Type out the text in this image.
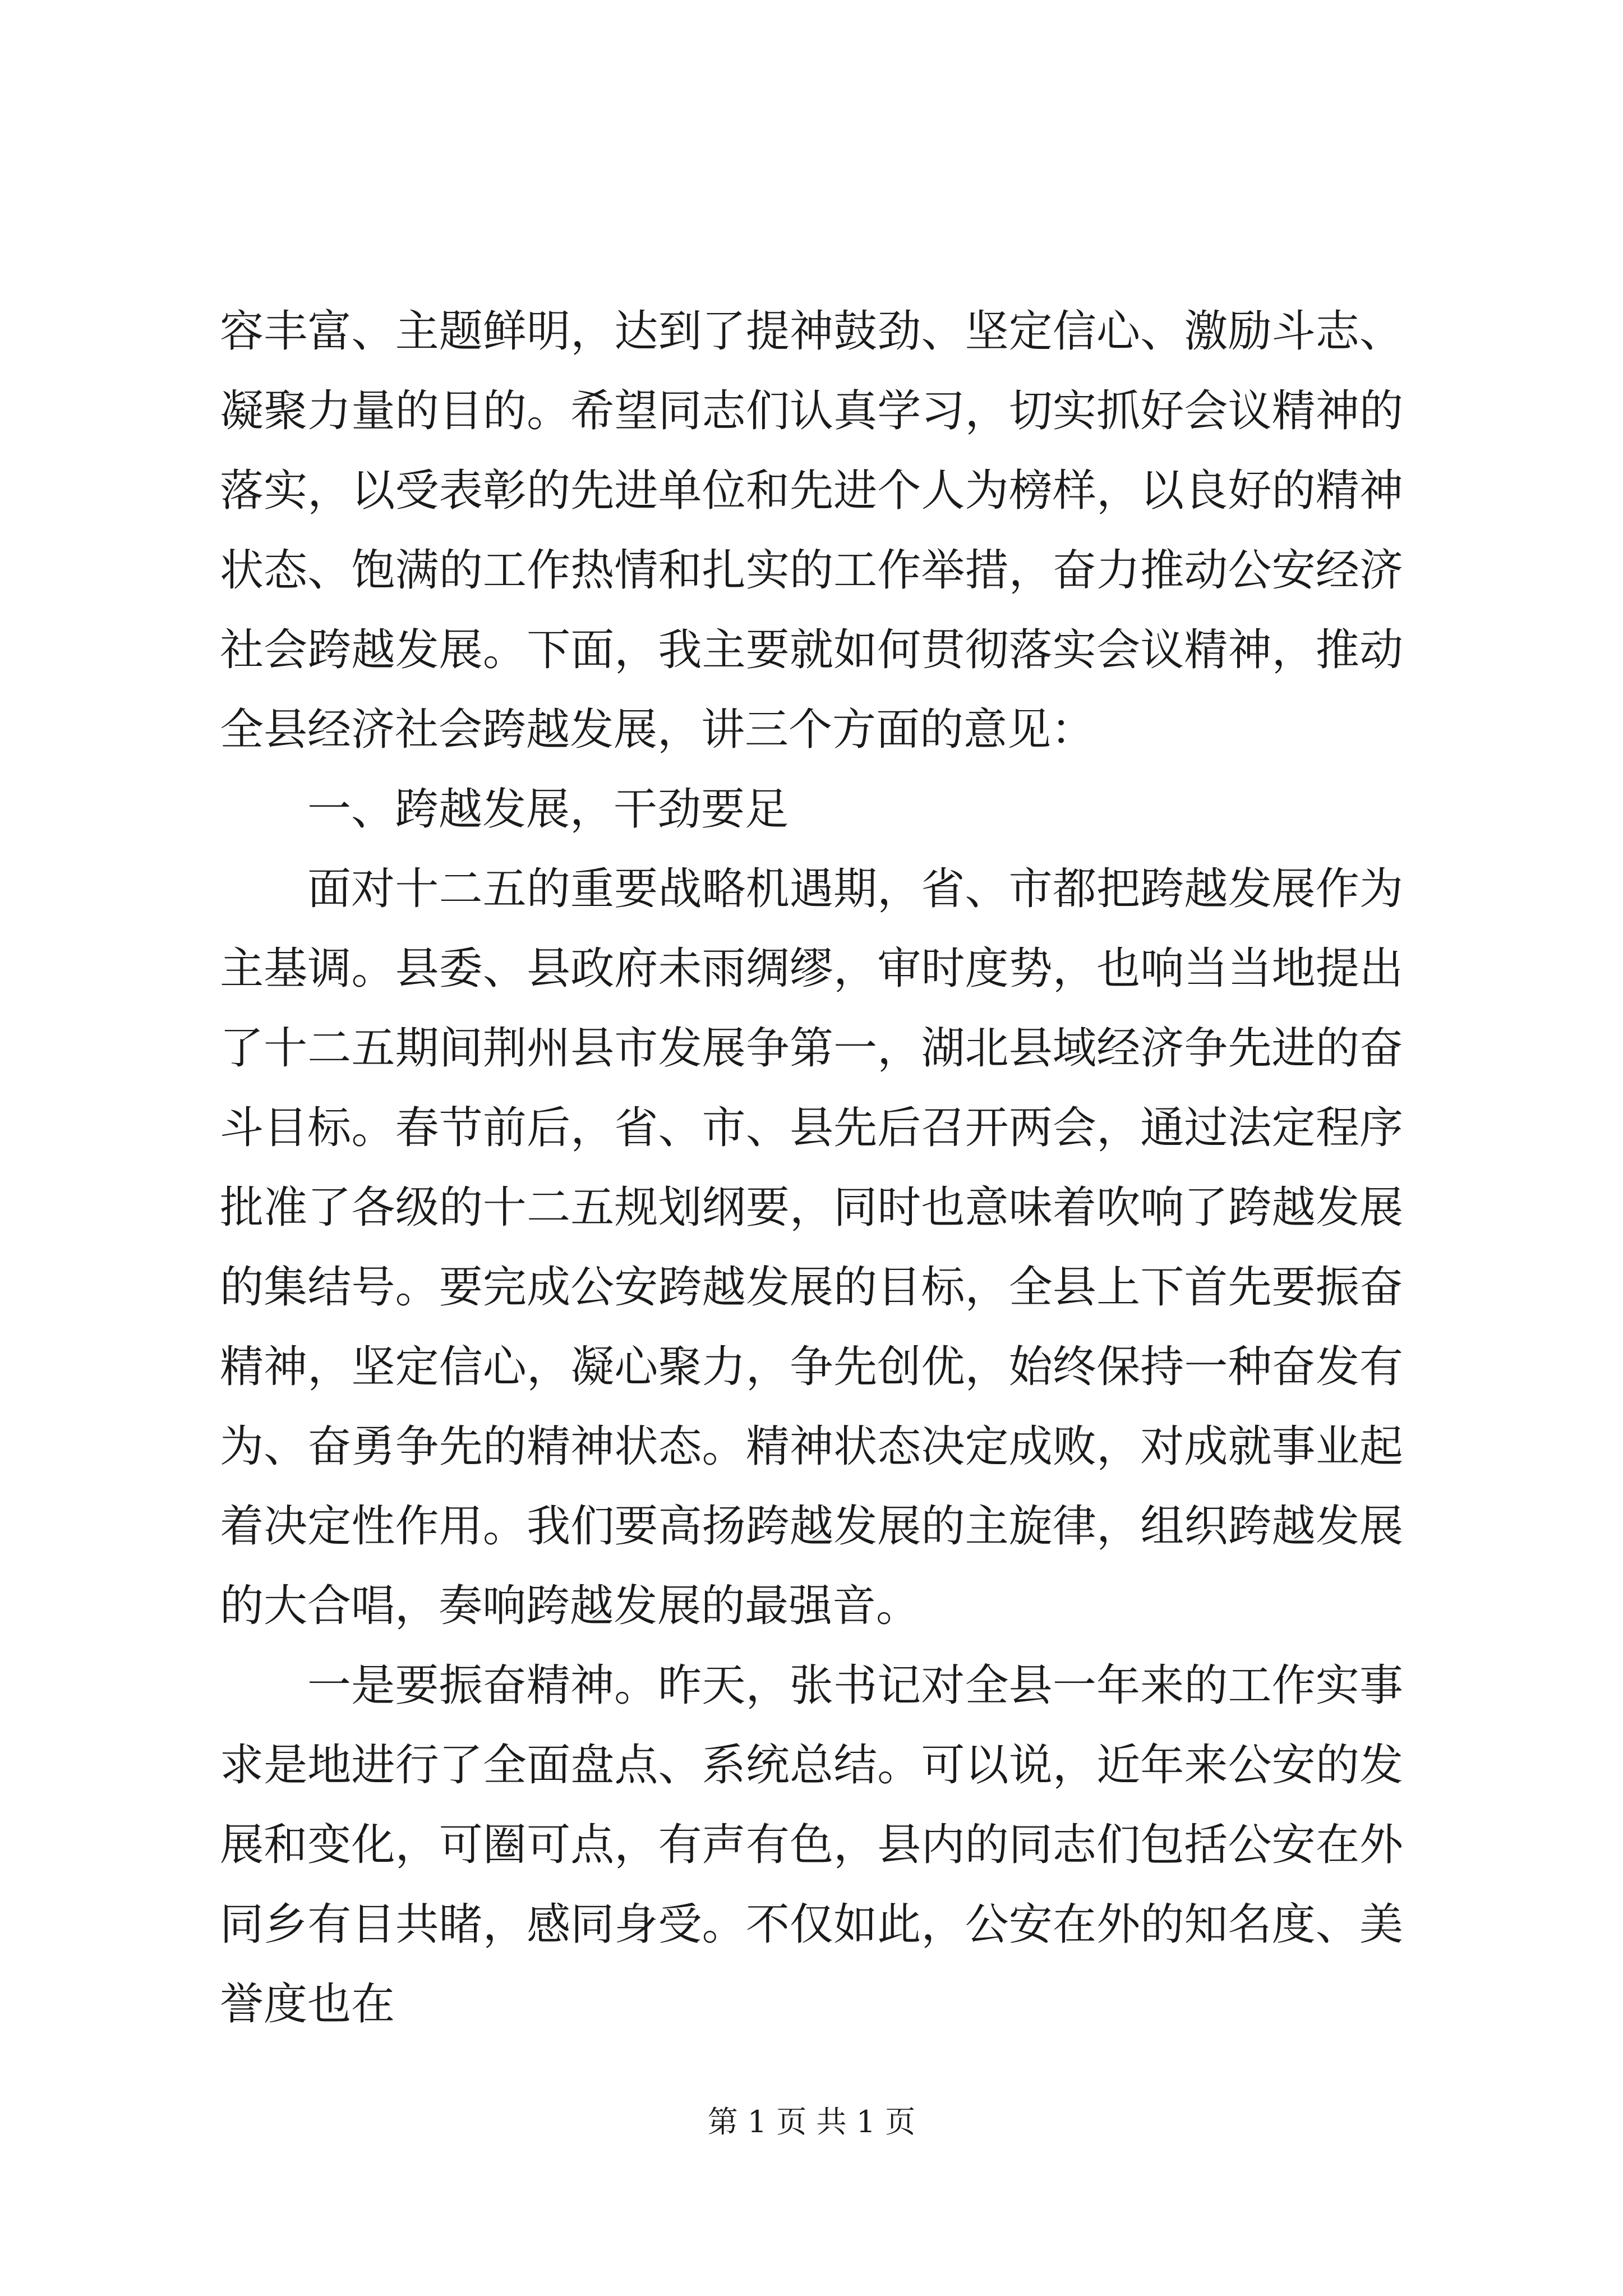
容丰富、主题鲜明，达到了提神鼓劲、坚定信心、激励斗志、凝聚力量的目的。希望同志们认真学习，切实抓好会议精神的落实，以受表彰的先进单位和先进个人为榜样，以良好的精神状态、饱满的工作热情和扎实的工作举措，奋力推动公安经济社会跨越发展。下面，我主要就如何贯彻落实会议精神，推动全县经济社会跨越发展，讲三个方面的意见：

一、跨越发展，干劲要足

面对十二五的重要战略机遇期，省、市都把跨越发展作为主基调。县委、县政府未雨绸缪，审时度势，也响当当地提出了十二五期间荆州县市发展争第一，湖北县域经济争先进的奋斗目标。春节前后，省、市、县先后召开两会，通过法定程序批准了各级的十二五规划纲要，同时也意味着吹响了跨越发展的集结号。要完成公安跨越发展的目标，全县上下首先要振奋精神，坚定信心，凝心聚力，争先创优，始终保持一种奋发有为、奋勇争先的精神状态。精神状态决定成败，对成就事业起着决定性作用。我们要高扬跨越发展的主旋律，组织跨越发展的大合唱，奏响跨越发展的最强音。

一是要振奋精神。昨天，张书记对全县一年来的工作实事求是地进行了全面盘点、系统总结。可以说，近年来公安的发展和变化，可圈可点，有声有色，县内的同志们包括公安在外同乡有目共睹，感同身受。不仅如此，公安在外的知名度、美誉度也在

第 1 页 共 1 页
